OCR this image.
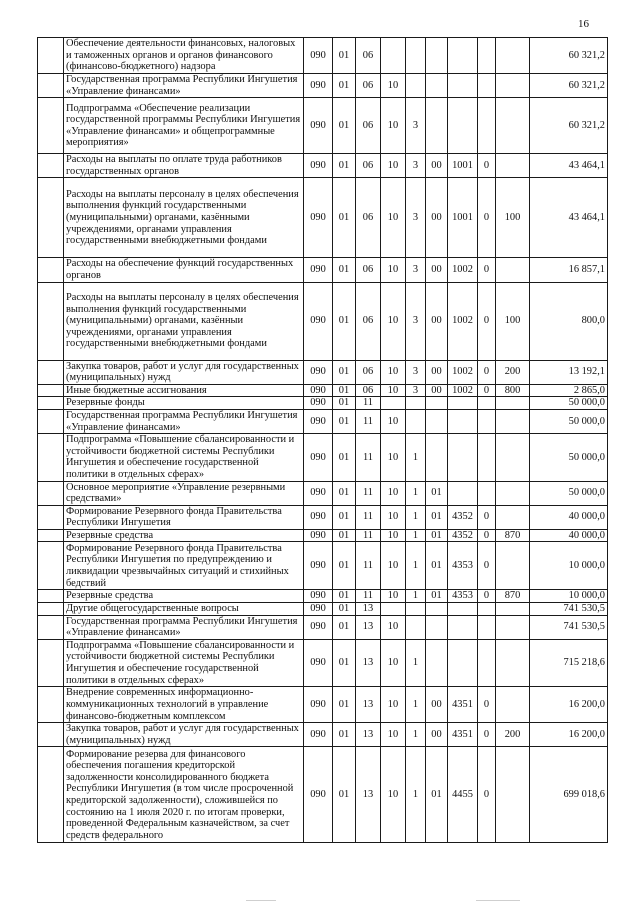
16
	Обеспечение деятельности финансовых, налоговых и таможенных органов и органов финансового (финансово-бюджетного) надзора	090	01	06							60 321,2
	Государственная программа Республики Ингушетия «Управление финансами»	090	01	06	10						60 321,2
	Подпрограмма «Обеспечение реализации государственной программы Республики Ингушетия «Управление финансами» и общепрограммные мероприятия»	090	01	06	10	3					60 321,2
	Расходы на выплаты по оплате труда работников государственных органов	090	01	06	10	3	00	1001	0		43 464,1
	Расходы на выплаты персоналу в целях обеспечения выполнения функций государственными (муниципальными) органами, казёнными учреждениями, органами управления государственными внебюджетными фондами	090	01	06	10	3	00	1001	0	100	43 464,1
	Расходы на обеспечение функций государственных органов	090	01	06	10	3	00	1002	0		16 857,1
	Расходы на выплаты персоналу в целях обеспечения выполнения функций государственными (муниципальными) органами, казённыи учреждениями, органами управления государственными внебюджетными фондами	090	01	06	10	3	00	1002	0	100	800,0
	Закупка товаров, работ и услуг для государственных (муниципальных) нужд	090	01	06	10	3	00	1002	0	200	13 192,1
	Иные бюджетные ассигнования	090	01	06	10	3	00	1002	0	800	2 865,0
	Резервные фонды	090	01	11							50 000,0
	Государственная программа Республики Ингушетия «Управление финансами»	090	01	11	10						50 000,0
	Подпрограмма «Повышение сбалансированности и устойчивости бюджетной системы Республики Ингушетия и обеспечение государственной политики в отдельных сферах»	090	01	11	10	1					50 000,0
	Основное мероприятие «Управление резервными средствами»	090	01	11	10	1	01				50 000,0
	Формирование Резервного фонда Правительства Республики Ингушетия	090	01	11	10	1	01	4352	0		40 000,0
	Резервные средства	090	01	11	10	1	01	4352	0	870	40 000,0
	Формирование Резервного фонда Правительства Республики Ингушетия по предупреждению и ликвидации чрезвычайных ситуаций и стихийных бедствий	090	01	11	10	1	01	4353	0		10 000,0
	Резервные средства	090	01	11	10	1	01	4353	0	870	10 000,0
	Другие общегосударственные вопросы	090	01	13							741 530,5
	Государственная программа Республики Ингушетия «Управление финансами»	090	01	13	10						741 530,5
	Подпрограмма «Повышение сбалансированности и устойчивости бюджетной системы Республики Ингушетия и обеспечение государственной политики в отдельных сферах»	090	01	13	10	1					715 218,6
	Внедрение современных информационно-коммуникационных технологий в управление финансово-бюджетным комплексом	090	01	13	10	1	00	4351	0		16 200,0
	Закупка товаров, работ и услуг для государственных (муниципальных) нужд	090	01	13	10	1	00	4351	0	200	16 200,0
	Формирование резерва для финансового обеспечения погашения кредиторской задолженности консолидированного бюджета Республики Ингушетия (в том числе просроченной кредиторской задолженности), сложившейся по состоянию на 1 июля 2020 г. по итогам проверки, проведенной Федеральным казначейством, за счет средств федерального	090	01	13	10	1	01	4455	0		699 018,6
